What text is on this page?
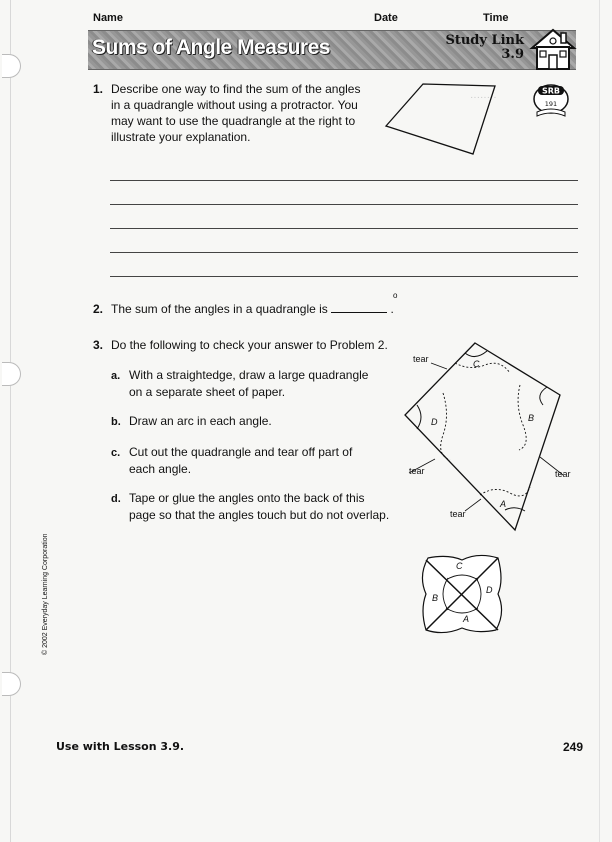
········
Name	Date	Time
Sums of Angle Measures	Study Link
3.9
SRB
191
1. Describe one way to find the sum of the angles
in a quadrangle without using a protractor. You
may want to use the quadrangle at the right to
illustrate your explanation.
2. The sum of the angles in a quadrangle is	.
o
3. Do the following to check your answer to Problem 2.
a. With a straightedge, draw a large quadrangle
on a separate sheet of paper.
b. Draw an arc in each angle.
c. Cut out the quadrangle and tear off part of
each angle.
d. Tape or glue the angles onto the back of this
page so that the angles touch but do not overlap.
tear
tear	tear
tear
A
B
C
D
C
D
A
B
© 2002 Everyday Learning Corporation
Use with Lesson 3.9.	249
